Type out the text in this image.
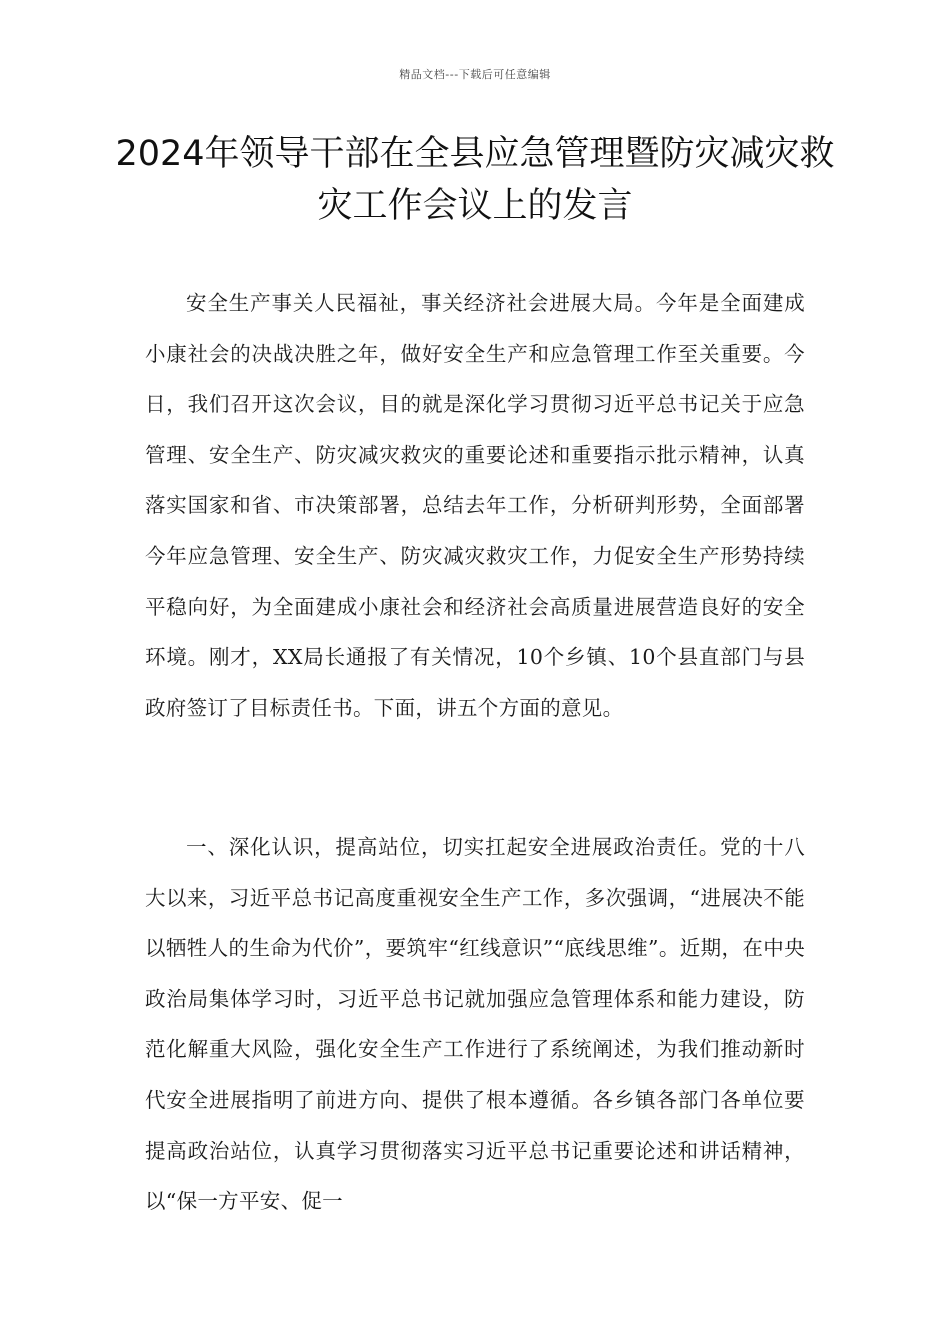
精品文档---下载后可任意编辑
2024年领导干部在全县应急管理暨防灾减灾救灾工作会议上的发言

安全生产事关人民福祉，事关经济社会进展大局。今年是全面建成小康社会的决战决胜之年，做好安全生产和应急管理工作至关重要。今日，我们召开这次会议，目的就是深化学习贯彻习近平总书记关于应急管理、安全生产、防灾减灾救灾的重要论述和重要指示批示精神，认真落实国家和省、市决策部署，总结去年工作，分析研判形势，全面部署今年应急管理、安全生产、防灾减灾救灾工作，力促安全生产形势持续平稳向好，为全面建成小康社会和经济社会高质量进展营造良好的安全环境。刚才，XX局长通报了有关情况，10个乡镇、10个县直部门与县政府签订了目标责任书。下面，讲五个方面的意见。

一、深化认识，提高站位，切实扛起安全进展政治责任。党的十八大以来，习近平总书记高度重视安全生产工作，多次强调，“进展决不能以牺牲人的生命为代价”，要筑牢“红线意识”“底线思维”。近期，在中央政治局集体学习时，习近平总书记就加强应急管理体系和能力建设，防范化解重大风险，强化安全生产工作进行了系统阐述，为我们推动新时代安全进展指明了前进方向、提供了根本遵循。各乡镇各部门各单位要提高政治站位，认真学习贯彻落实习近平总书记重要论述和讲话精神，以“保一方平安、促一
